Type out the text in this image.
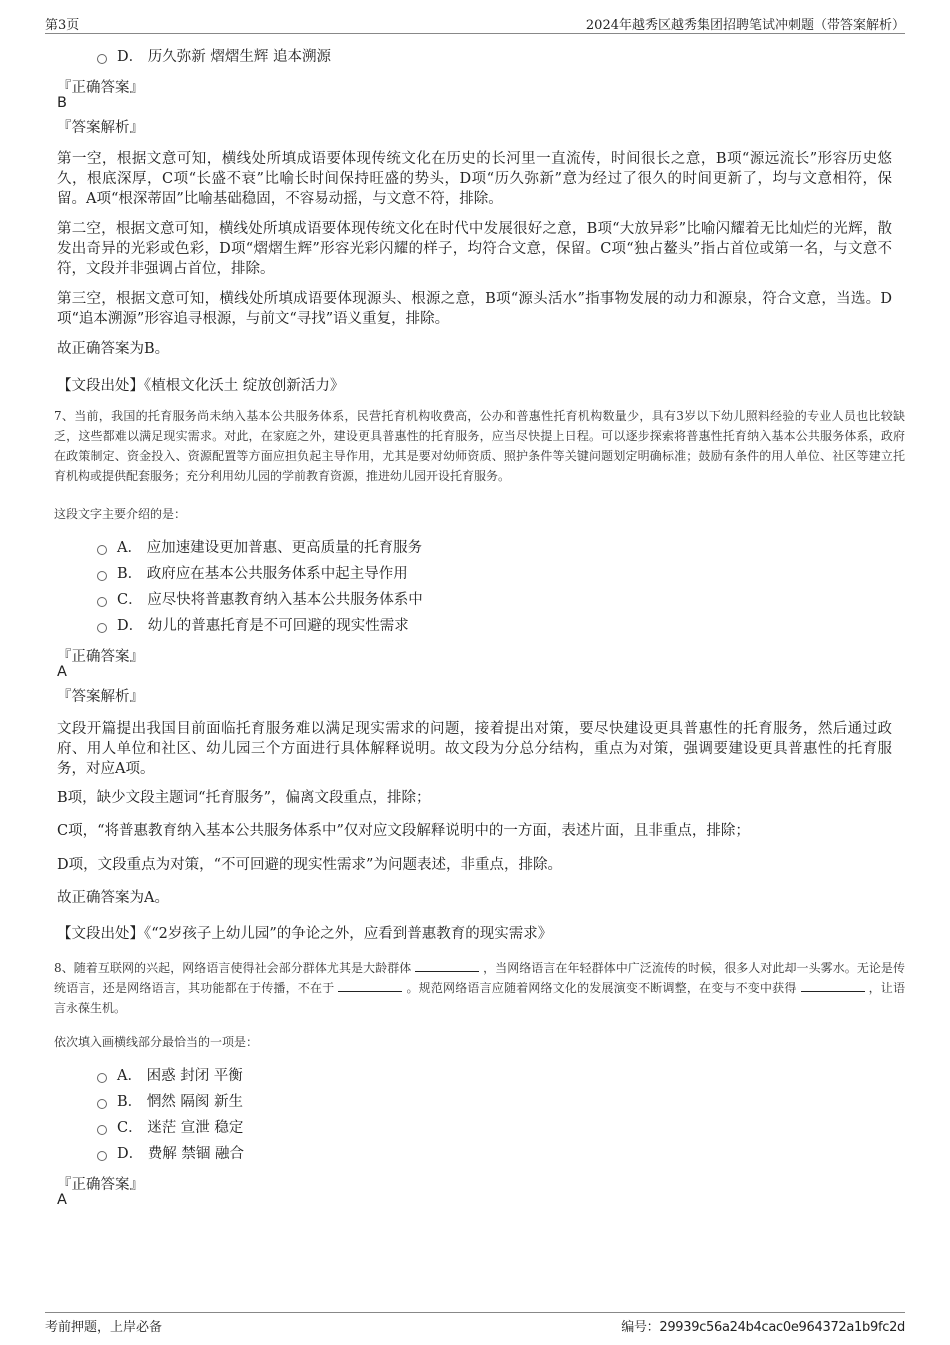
第3页	2024年越秀区越秀集团招聘笔试冲刺题（带答案解析）
D． 历久弥新 熠熠生辉 追本溯源
『正确答案』
B
『答案解析』
第一空，根据文意可知，横线处所填成语要体现传统文化在历史的长河里一直流传，时间很长之意，B项“源远流长”形容历史悠久，根底深厚，C项“长盛不衰”比喻长时间保持旺盛的势头，D项“历久弥新”意为经过了很久的时间更新了，均与文意相符，保留。A项“根深蒂固”比喻基础稳固，不容易动摇，与文意不符，排除。
第二空，根据文意可知，横线处所填成语要体现传统文化在时代中发展很好之意，B项“大放异彩”比喻闪耀着无比灿烂的光辉，散发出奇异的光彩或色彩，D项“熠熠生辉”形容光彩闪耀的样子，均符合文意，保留。C项“独占鳌头”指占首位或第一名，与文意不符，文段并非强调占首位，排除。
第三空，根据文意可知，横线处所填成语要体现源头、根源之意，B项“源头活水”指事物发展的动力和源泉，符合文意，当选。D项“追本溯源”形容追寻根源，与前文“寻找”语义重复，排除。
故正确答案为B。
【文段出处】《植根文化沃土 绽放创新活力》
7、当前，我国的托育服务尚未纳入基本公共服务体系，民营托育机构收费高，公办和普惠性托育机构数量少，具有3岁以下幼儿照料经验的专业人员也比较缺乏，这些都难以满足现实需求。对此，在家庭之外，建设更具普惠性的托育服务，应当尽快提上日程。可以逐步探索将普惠性托育纳入基本公共服务体系，政府在政策制定、资金投入、资源配置等方面应担负起主导作用，尤其是要对幼师资质、照护条件等关键问题划定明确标准；鼓励有条件的用人单位、社区等建立托育机构或提供配套服务；充分利用幼儿园的学前教育资源，推进幼儿园开设托育服务。
这段文字主要介绍的是：
A． 应加速建设更加普惠、更高质量的托育服务
B． 政府应在基本公共服务体系中起主导作用
C． 应尽快将普惠教育纳入基本公共服务体系中
D． 幼儿的普惠托育是不可回避的现实性需求
『正确答案』
A
『答案解析』
文段开篇提出我国目前面临托育服务难以满足现实需求的问题，接着提出对策，要尽快建设更具普惠性的托育服务，然后通过政府、用人单位和社区、幼儿园三个方面进行具体解释说明。故文段为分总分结构，重点为对策，强调要建设更具普惠性的托育服务，对应A项。
B项，缺少文段主题词“托育服务”，偏离文段重点，排除；
C项，“将普惠教育纳入基本公共服务体系中”仅对应文段解释说明中的一方面，表述片面，且非重点，排除；
D项，文段重点为对策，“不可回避的现实性需求”为问题表述，非重点，排除。
故正确答案为A。
【文段出处】《“2岁孩子上幼儿园”的争论之外，应看到普惠教育的现实需求》
8、随着互联网的兴起，网络语言使得社会部分群体尤其是大龄群体	，当网络语言在年轻群体中广泛流传的时候，很多人对此却一头雾水。无论是传统语言，还是网络语言，其功能都在于传播，不在于	。规范网络语言应随着网络文化的发展演变不断调整，在变与不变中获得	，让语言永葆生机。
依次填入画横线部分最恰当的一项是：
A． 困惑 封闭 平衡
B． 惘然 隔阂 新生
C． 迷茫 宣泄 稳定
D． 费解 禁锢 融合
『正确答案』
A
考前押题，上岸必备	编号：29939c56a24b4cac0e964372a1b9fc2d
